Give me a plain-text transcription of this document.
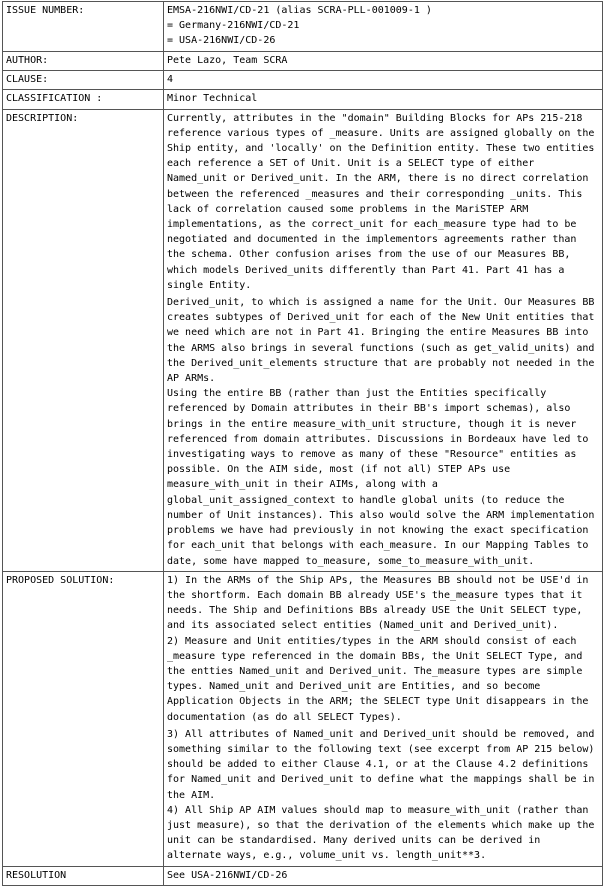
ISSUE NUMBER:	EMSA-216NWI/CD-21 (alias SCRA-PLL-001009-1 )
= Germany-216NWI/CD-21
= USA-216NWI/CD-26

AUTHOR:	Pete Lazo, Team SCRA
CLAUSE:	4
CLASSIFICATION :	Minor Technical
DESCRIPTION:	Currently, attributes in the "domain" Building Blocks for APs 215-218 reference various types of _measure. Units are assigned globally on the Ship entity, and 'locally' on the Definition entity. These two entities each reference a SET of Unit. Unit is a SELECT type of either Named_unit or Derived_unit. In the ARM, there is no direct correlation between the referenced _measures and their corresponding _units. This lack of correlation caused some problems in the MariSTEP ARM implementations, as the correct_unit for each_measure type had to be negotiated and documented in the implementors agreements rather than the schema. Other confusion arises from the use of our Measures BB, which models Derived_units differently than Part 41. Part 41 has a single Entity.
Derived_unit, to which is assigned a name for the Unit. Our Measures BB creates subtypes of Derived_unit for each of the New Unit entities that we need which are not in Part 41. Bringing the entire Measures BB into the ARMS also brings in several functions (such as get_valid_units) and the Derived_unit_elements structure that are probably not needed in the AP ARMs.
Using the entire BB (rather than just the Entities specifically referenced by Domain attributes in their BB's import schemas), also brings in the entire measure_with_unit structure, though it is never referenced from domain attributes. Discussions in Bordeaux have led to investigating ways to remove as many of these "Resource" entities as possible. On the AIM side, most (if not all) STEP APs use measure_with_unit in their AIMs, along with a global_unit_assigned_context to handle global units (to reduce the number of Unit instances). This also would solve the ARM implementation problems we have had previously in not knowing the exact specification for each_unit that belongs with each_measure. In our Mapping Tables to date, some have mapped to_measure, some_to_measure_with_unit.

PROPOSED SOLUTION:	1) In the ARMs of the Ship APs, the Measures BB should not be USE'd in the shortform. Each domain BB already USE's the_measure types that it needs. The Ship and Definitions BBs already USE the Unit SELECT type, and its associated select entities (Named_unit and Derived_unit).
2) Measure and Unit entities/types in the ARM should consist of each _measure type referenced in the domain BBs, the Unit SELECT Type, and the entties Named_unit and Derived_unit. The_measure types are simple types. Named_unit and Derived_unit are Entities, and so become Application Objects in the ARM; the SELECT type Unit disappears in the documentation (as do all SELECT Types).
3) All attributes of Named_unit and Derived_unit should be removed, and something similar to the following text (see excerpt from AP 215 below) should be added to either Clause 4.1, or at the Clause 4.2 definitions for Named_unit and Derived_unit to define what the mappings shall be in the AIM.
4) All Ship AP AIM values should map to measure_with_unit (rather than just measure), so that the derivation of the elements which make up the unit can be standardised. Many derived units can be derived in alternate ways, e.g., volume_unit vs. length_unit**3.

RESOLUTION	See USA-216NWI/CD-26
